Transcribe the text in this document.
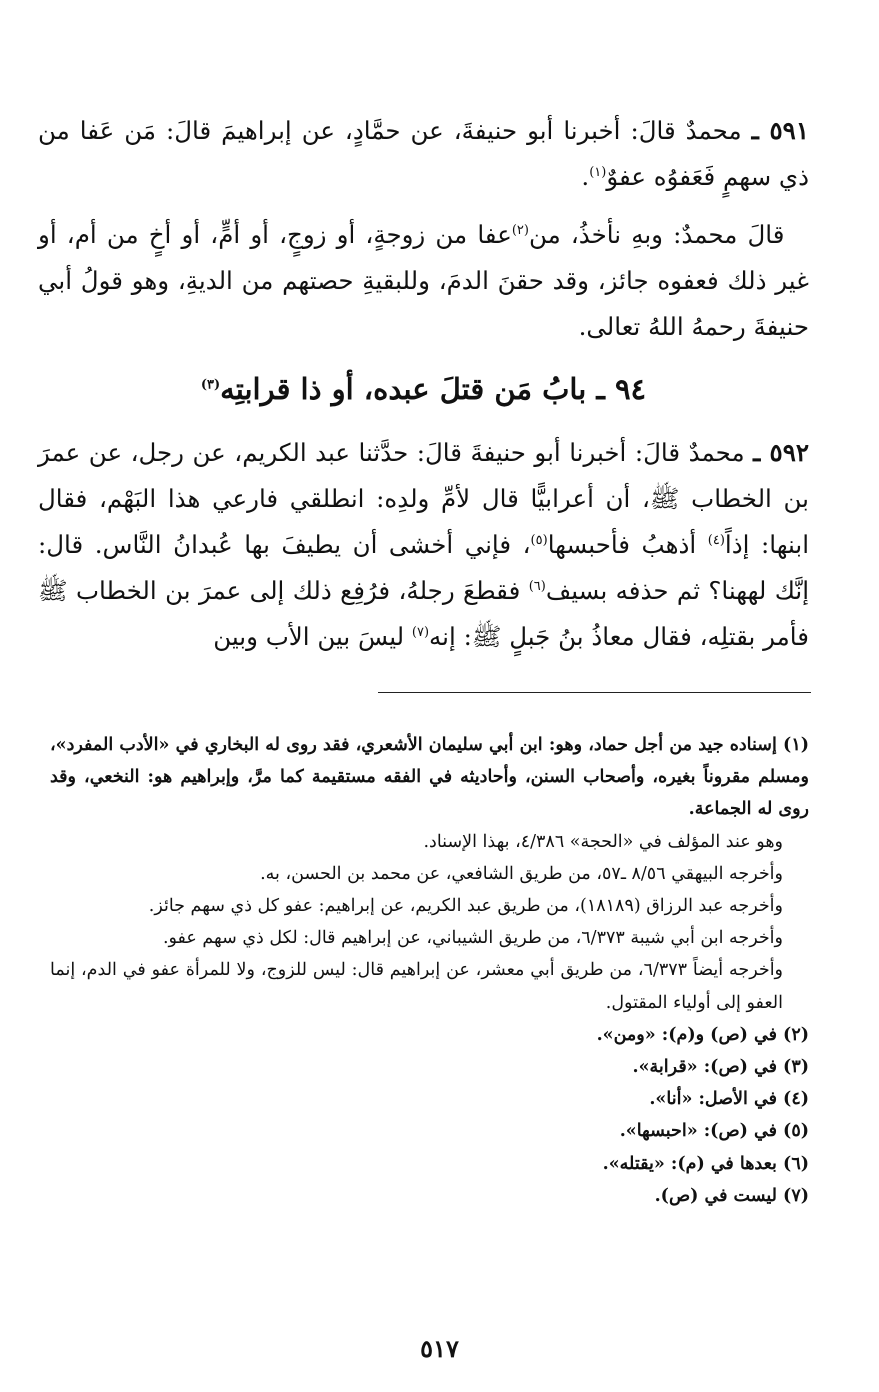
٥٩١ ـ محمدٌ قالَ: أخبرنا أبو حنيفةَ، عن حمَّادٍ، عن إبراهيمَ قالَ: مَن عَفا من ذي سهمٍ فَعَفوُه عفوٌ$^{(١)}$.

 قالَ محمدٌ: وبهِ نأخذُ، من$^{(٢)}$عفا من زوجةٍ، أو زوجٍ، أو أمٍّ، أو أخٍ من أم، أو غير ذلك فعفوه جائز، وقد حقنَ الدمَ، وللبقيةِ حصتهم من الديةِ، وهو قولُ أبي حنيفةَ رحمهُ اللهُ تعالى.

٩٤ ـ بابُ مَن قتلَ عبده، أو ذا قرابتِه$^{(٣)}$

٥٩٢ ـ محمدٌ قالَ: أخبرنا أبو حنيفةَ قالَ: حدَّثنا عبد الكريم، عن رجل، عن عمرَ بن الخطاب ﷺ، أن أعرابيًّا قال لأمِّ ولدِه: انطلقي فارعي هذا البَهْم، فقال ابنها: إذاً$^{(٤)}$ أذهبُ فأحبسها$^{(٥)}$، فإني أخشى أن يطيفَ بها عُبدانُ النَّاس. قال: إنَّك لههنا؟ ثم حذفه بسيف$^{(٦)}$ فقطعَ رجلهُ، فرُفِع ذلك إلى عمرَ بن الخطاب ﷺ فأمر بقتلِه، فقال معاذُ بنُ جَبلٍ ﷺ: إنه$^{(٧)}$ ليسَ بين الأب وبين

(١) إسناده جيد من أجل حماد، وهو: ابن أبي سليمان الأشعري، فقد روى له البخاري في «الأدب المفرد»، ومسلم مقروناً بغيره، وأصحاب السنن، وأحاديثه في الفقه مستقيمة كما مرَّ، وإبراهيم هو: النخعي، وقد روى له الجماعة.

وهو عند المؤلف في «الحجة» ٤/٣٨٦، بهذا الإسناد.

وأخرجه البيهقي ٨/٥٦ ـ٥٧، من طريق الشافعي، عن محمد بن الحسن، به.

وأخرجه عبد الرزاق (١٨١٨٩)، من طريق عبد الكريم، عن إبراهيم: عفو كل ذي سهم جائز.

وأخرجه ابن أبي شيبة ٦/٣٧٣، من طريق الشيباني، عن إبراهيم قال: لكل ذي سهم عفو.

وأخرجه أيضاً ٦/٣٧٣، من طريق أبي معشر، عن إبراهيم قال: ليس للزوج، ولا للمرأة عفو في الدم، إنما العفو إلى أولياء المقتول.

(٢) في (ص) و(م): «ومن».

(٣) في (ص): «قرابة».

(٤) في الأصل: «أنا».

(٥) في (ص): «احبسها».

(٦) بعدها في (م): «يقتله».

(٧) ليست في (ص).

٥١٧
